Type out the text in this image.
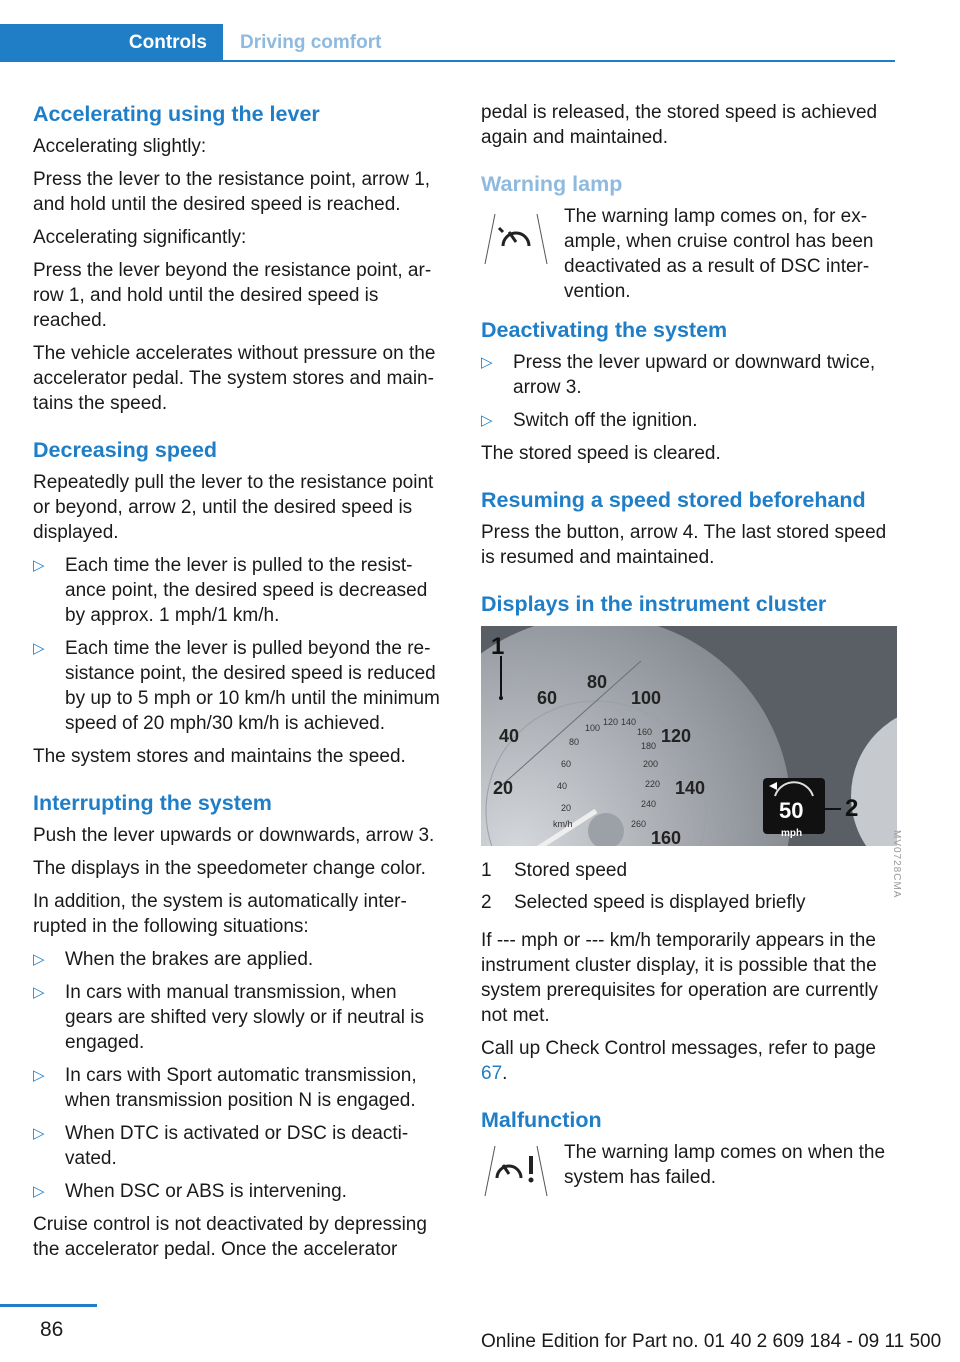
Controls	Driving comfort
Accelerating using the lever
Accelerating slightly:
Press the lever to the resistance point, arrow 1, and hold until the desired speed is reached.
Accelerating significantly:
Press the lever beyond the resistance point, ar-row 1, and hold until the desired speed is reached.
The vehicle accelerates without pressure on the accelerator pedal. The system stores and main-tains the speed.
Decreasing speed
Repeatedly pull the lever to the resistance point or beyond, arrow 2, until the desired speed is displayed.
▷	Each time the lever is pulled to the resist-ance point, the desired speed is decreased by approx. 1 mph/1 km/h.
▷	Each time the lever is pulled beyond the re-sistance point, the desired speed is reduced by up to 5 mph or 10 km/h until the minimum speed of 20 mph/30 km/h is achieved.
The system stores and maintains the speed.
Interrupting the system
Push the lever upwards or downwards, arrow 3.
The displays in the speedometer change color.
In addition, the system is automatically inter-rupted in the following situations:
▷	When the brakes are applied.
▷	In cars with manual transmission, when gears are shifted very slowly or if neutral is engaged.
▷	In cars with Sport automatic transmission, when transmission position N is engaged.
▷	When DTC is activated or DSC is deacti-vated.
▷	When DSC or ABS is intervening.
Cruise control is not deactivated by depressing the accelerator pedal. Once the accelerator
pedal is released, the stored speed is achieved again and maintained.
Warning lamp
The warning lamp comes on, for ex-ample, when cruise control has been deactivated as a result of DSC inter-vention.
Deactivating the system
▷	Press the lever upward or downward twice, arrow 3.
▷	Switch off the ignition.
The stored speed is cleared.
Resuming a speed stored beforehand
Press the button, arrow 4. The last stored speed is resumed and maintained.
Displays in the instrument cluster
1
2
50
mph
km/h
20
40
60
80
100
120
140
160
20
40
60
80
100
120 140
160
180
200
220
240
260
1	Stored speed
2	Selected speed is displayed briefly
If --- mph or --- km/h temporarily appears in the instrument cluster display, it is possible that the system prerequisites for operation are currently not met.
Call up Check Control messages, refer to page 67.
Malfunction
The warning lamp comes on when the system has failed.
MV0728CMA
86
Online Edition for Part no. 01 40 2 609 184 - 09 11 500
